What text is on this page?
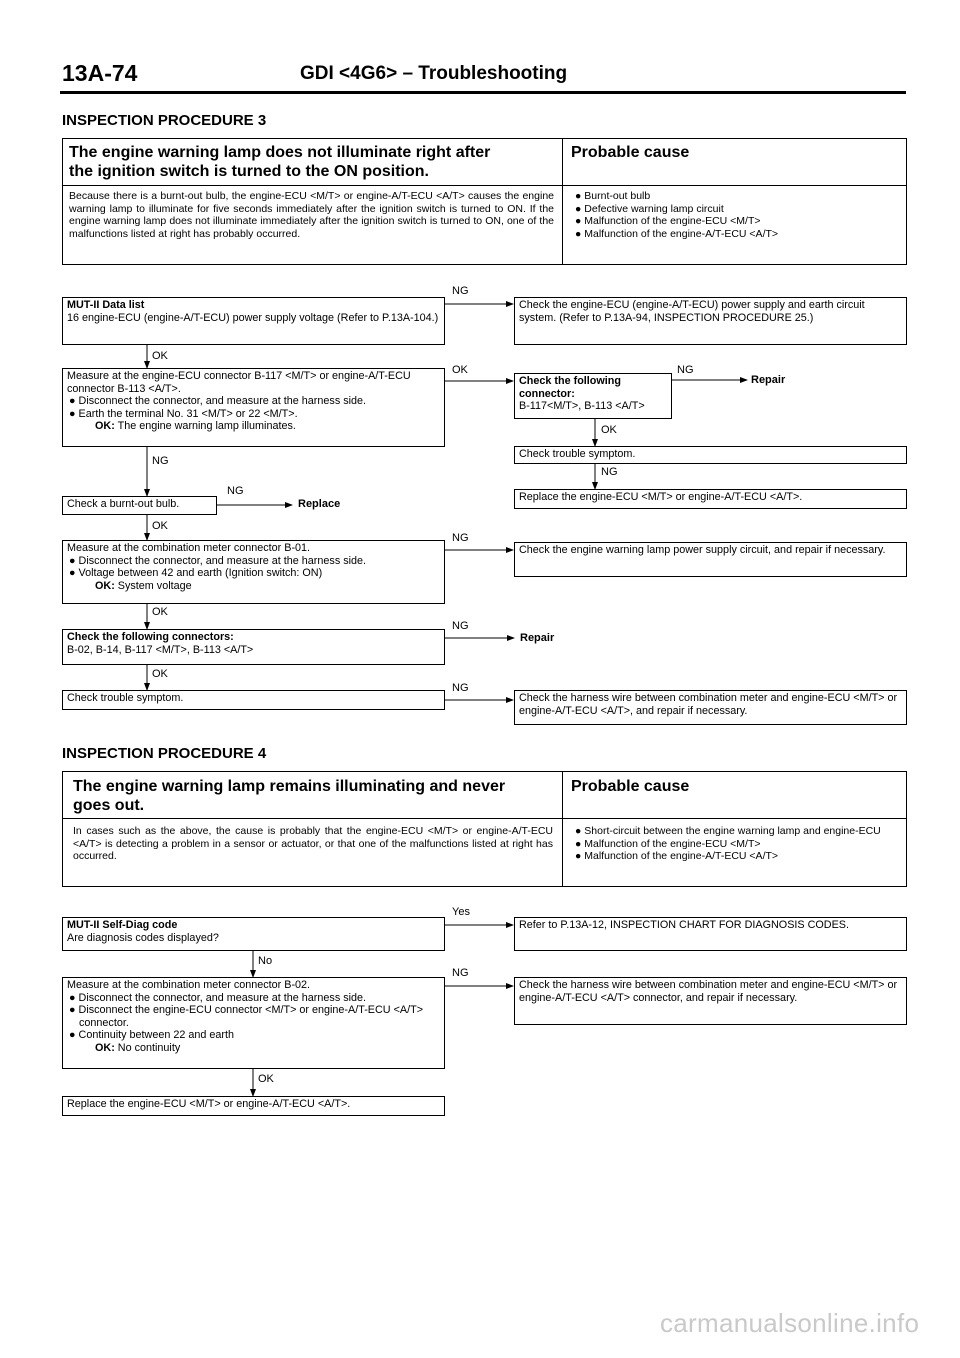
13A-74	GDI <4G6> – Troubleshooting
INSPECTION PROCEDURE 3
The engine warning lamp does not illuminate right after
the ignition switch is turned to the ON position.
Probable cause
Because there is a burnt-out bulb, the engine-ECU <M/T> or engine-A/T-ECU <A/T> causes the engine warning lamp to illuminate for five seconds immediately after the ignition switch is turned to ON. If the engine warning lamp does not illuminate immediately after the ignition switch is turned to ON, one of the malfunctions listed at right has probably occurred.
● Burnt-out bulb
● Defective warning lamp circuit
● Malfunction of the engine-ECU <M/T>
● Malfunction of the engine-A/T-ECU <A/T>
MUT-II Data list
16 engine-ECU (engine-A/T-ECU) power supply voltage (Refer to P.13A-104.)
NG
Check the engine-ECU (engine-A/T-ECU) power supply and earth circuit system. (Refer to P.13A-94, INSPECTION PROCEDURE 25.)
OK
Measure at the engine-ECU connector B-117 <M/T> or engine-A/T-ECU connector B-113 <A/T>.
● Disconnect the connector, and measure at the harness side.
● Earth the terminal No. 31 <M/T> or 22 <M/T>.
OK: The engine warning lamp illuminates.
OK
Check the following connector:
B-117<M/T>, B-113 <A/T>
NG
Repair
OK
Check trouble symptom.
NG
Replace the engine-ECU <M/T> or engine-A/T-ECU <A/T>.
NG
Check a burnt-out bulb.
NG
Replace
OK
Measure at the combination meter connector B-01.
● Disconnect the connector, and measure at the harness side.
● Voltage between 42 and earth (Ignition switch: ON)
OK: System voltage
NG
Check the engine warning lamp power supply circuit, and repair if necessary.
OK
Check the following connectors:
B-02, B-14, B-117 <M/T>, B-113 <A/T>
NG
Repair
OK
Check trouble symptom.
NG
Check the harness wire between combination meter and engine-ECU <M/T> or engine-A/T-ECU <A/T>, and repair if necessary.
INSPECTION PROCEDURE 4
The engine warning lamp remains illuminating and never
goes out.
Probable cause
In cases such as the above, the cause is probably that the engine-ECU <M/T> or engine-A/T-ECU <A/T> is detecting a problem in a sensor or actuator, or that one of the malfunctions listed at right has occurred.
● Short-circuit between the engine warning lamp and engine-ECU
● Malfunction of the engine-ECU <M/T>
● Malfunction of the engine-A/T-ECU <A/T>
MUT-II Self-Diag code
Are diagnosis codes displayed?
Yes
Refer to P.13A-12, INSPECTION CHART FOR DIAGNOSIS CODES.
No
Measure at the combination meter connector B-02.
● Disconnect the connector, and measure at the harness side.
● Disconnect the engine-ECU connector <M/T> or engine-A/T-ECU <A/T> connector.
● Continuity between 22 and earth
OK: No continuity
NG
Check the harness wire between combination meter and engine-ECU <M/T> or engine-A/T-ECU <A/T> connector, and repair if necessary.
OK
Replace the engine-ECU <M/T> or engine-A/T-ECU <A/T>.
carmanualsonline.info
